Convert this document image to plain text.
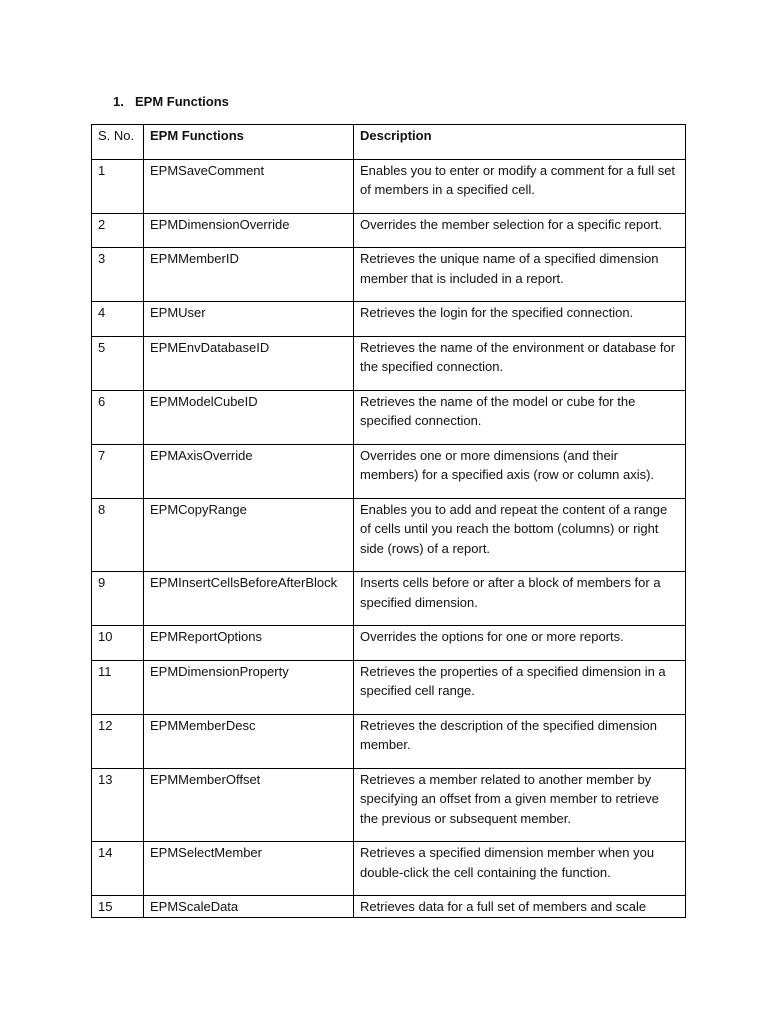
1. EPM Functions
S. No.	EPM Functions	Description
1	EPMSaveComment	Enables you to enter or modify a comment for a full set of members in a specified cell.
2	EPMDimensionOverride	Overrides the member selection for a specific report.
3	EPMMemberID	Retrieves the unique name of a specified dimension member that is included in a report.
4	EPMUser	Retrieves the login for the specified connection.
5	EPMEnvDatabaseID	Retrieves the name of the environment or database for the specified connection.
6	EPMModelCubeID	Retrieves the name of the model or cube for the specified connection.
7	EPMAxisOverride	Overrides one or more dimensions (and their members) for a specified axis (row or column axis).
8	EPMCopyRange	Enables you to add and repeat the content of a range of cells until you reach the bottom (columns) or right side (rows) of a report.
9	EPMInsertCellsBeforeAfterBlock	Inserts cells before or after a block of members for a specified dimension.
10	EPMReportOptions	Overrides the options for one or more reports.
11	EPMDimensionProperty	Retrieves the properties of a specified dimension in a specified cell range.
12	EPMMemberDesc	Retrieves the description of the specified dimension member.
13	EPMMemberOffset	Retrieves a member related to another member by specifying an offset from a given member to retrieve the previous or subsequent member.
14	EPMSelectMember	Retrieves a specified dimension member when you double-click the cell containing the function.
15	EPMScaleData	Retrieves data for a full set of members and scale
